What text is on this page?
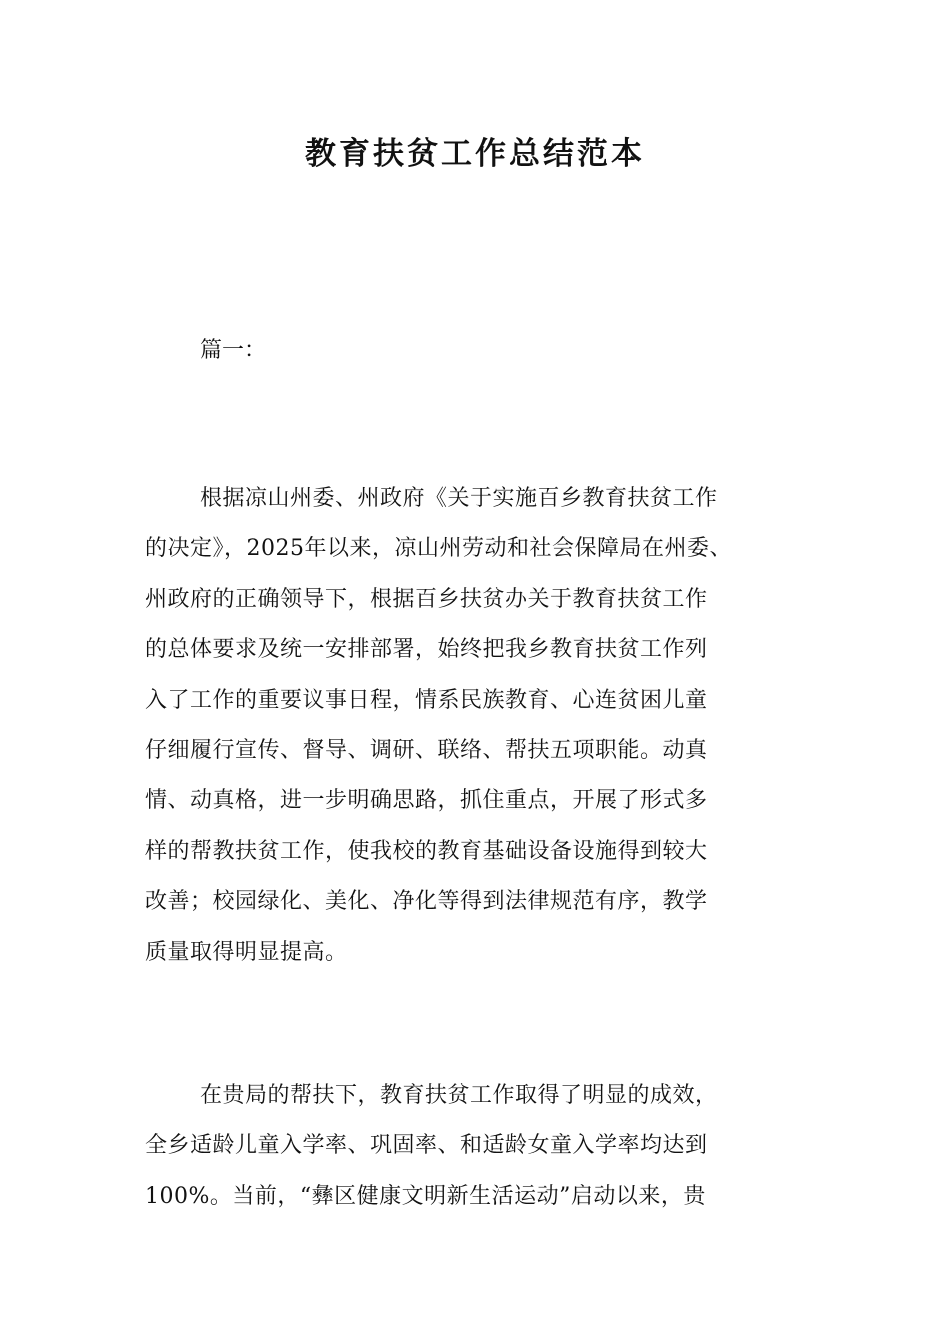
教育扶贫工作总结范本

篇一：

根据凉山州委、州政府《关于实施百乡教育扶贫工作
的决定》，2025年以来，凉山州劳动和社会保障局在州委、
州政府的正确领导下，根据百乡扶贫办关于教育扶贫工作
的总体要求及统一安排部署，始终把我乡教育扶贫工作列
入了工作的重要议事日程，情系民族教育、心连贫困儿童
仔细履行宣传、督导、调研、联络、帮扶五项职能。动真
情、动真格，进一步明确思路，抓住重点，开展了形式多
样的帮教扶贫工作，使我校的教育基础设备设施得到较大
改善；校园绿化、美化、净化等得到法律规范有序，教学
质量取得明显提高。
在贵局的帮扶下，教育扶贫工作取得了明显的成效，
全乡适龄儿童入学率、巩固率、和适龄女童入学率均达到
100%。当前，“彝区健康文明新生活运动”启动以来，贵
